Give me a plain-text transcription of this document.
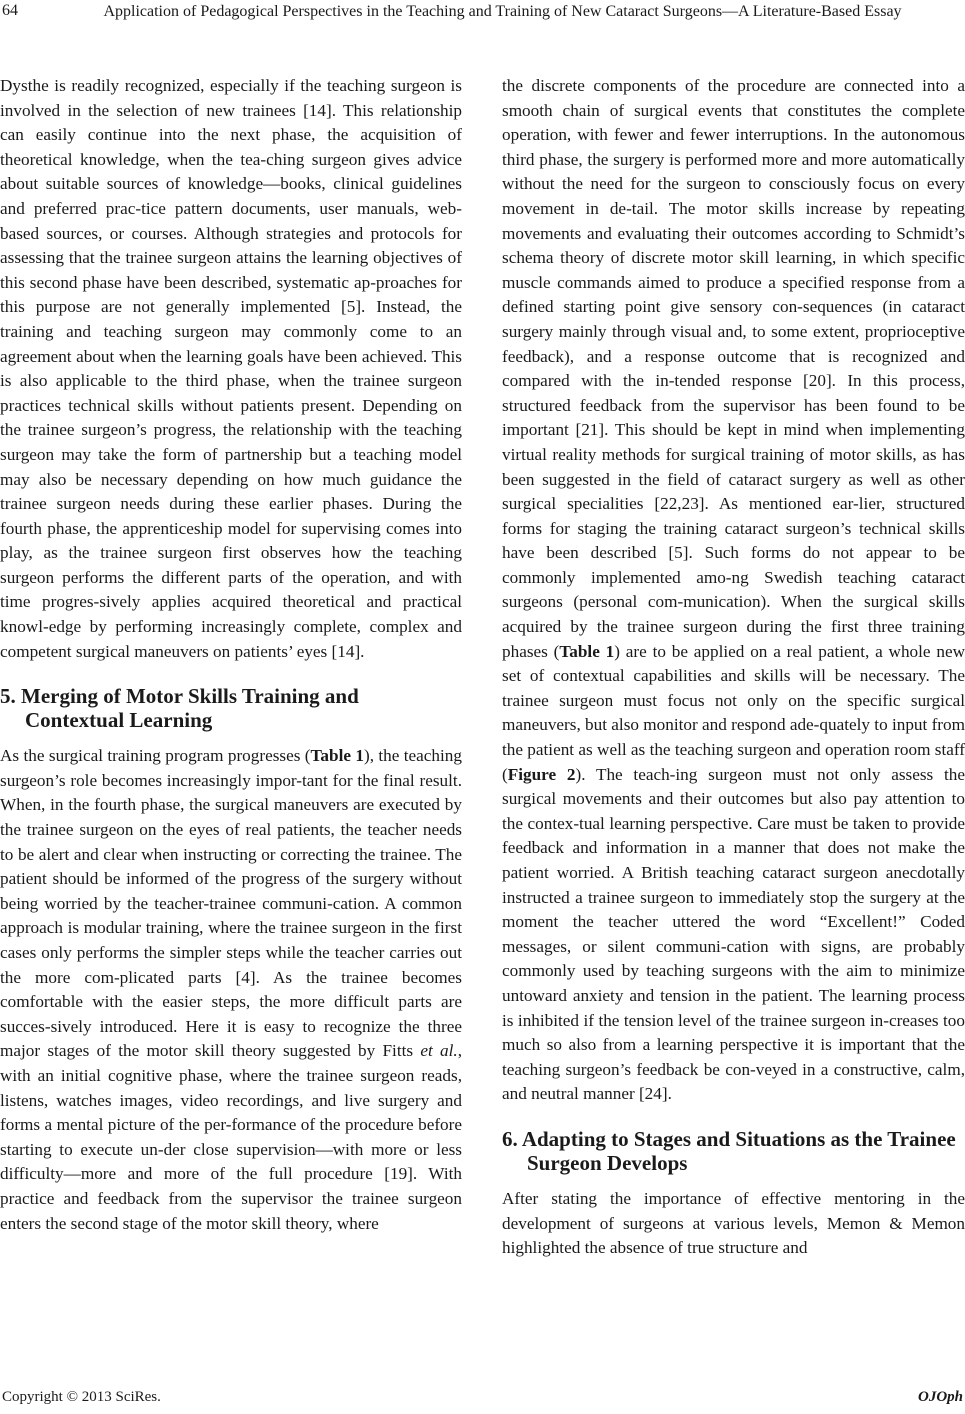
64	Application of Pedagogical Perspectives in the Teaching and Training of New Cataract Surgeons—A Literature-Based Essay

Dysthe is readily recognized, especially if the teaching surgeon is involved in the selection of new trainees [14]. This relationship can easily continue into the next phase, the acquisition of theoretical knowledge, when the tea-ching surgeon gives advice about suitable sources of knowledge—books, clinical guidelines and preferred prac-tice pattern documents, user manuals, web-based sources, or courses. Although strategies and protocols for assessing that the trainee surgeon attains the learning objectives of this second phase have been described, systematic ap-proaches for this purpose are not generally implemented [5]. Instead, the training and teaching surgeon may commonly come to an agreement about when the learning goals have been achieved. This is also applicable to the third phase, when the trainee surgeon practices technical skills without patients present. Depending on the trainee surgeon’s progress, the relationship with the teaching surgeon may take the form of partnership but a teaching model may also be necessary depending on how much guidance the trainee surgeon needs during these earlier phases. During the fourth phase, the apprenticeship model for supervising comes into play, as the trainee surgeon first observes how the teaching surgeon performs the different parts of the operation, and with time progres-sively applies acquired theoretical and practical knowl-edge by performing increasingly complete, complex and competent surgical maneuvers on patients’ eyes [14].

5. Merging of Motor Skills Training and Contextual Learning

As the surgical training program progresses (Table 1), the teaching surgeon’s role becomes increasingly impor-tant for the final result. When, in the fourth phase, the surgical maneuvers are executed by the trainee surgeon on the eyes of real patients, the teacher needs to be alert and clear when instructing or correcting the trainee. The patient should be informed of the progress of the surgery without being worried by the teacher-trainee communi-cation. A common approach is modular training, where the trainee surgeon in the first cases only performs the simpler steps while the teacher carries out the more com-plicated parts [4]. As the trainee becomes comfortable with the easier steps, the more difficult parts are succes-sively introduced. Here it is easy to recognize the three major stages of the motor skill theory suggested by Fitts et al., with an initial cognitive phase, where the trainee surgeon reads, listens, watches images, video recordings, and live surgery and forms a mental picture of the per-formance of the procedure before starting to execute un-der close supervision—with more or less difficulty—more and more of the full procedure [19]. With practice and feedback from the supervisor the trainee surgeon enters the second stage of the motor skill theory, where

the discrete components of the procedure are connected into a smooth chain of surgical events that constitutes the complete operation, with fewer and fewer interruptions. In the autonomous third phase, the surgery is performed more and more automatically without the need for the surgeon to consciously focus on every movement in de-tail. The motor skills increase by repeating movements and evaluating their outcomes according to Schmidt’s schema theory of discrete motor skill learning, in which specific muscle commands aimed to produce a specified response from a defined starting point give sensory con-sequences (in cataract surgery mainly through visual and, to some extent, proprioceptive feedback), and a response outcome that is recognized and compared with the in-tended response [20]. In this process, structured feedback from the supervisor has been found to be important [21]. This should be kept in mind when implementing virtual reality methods for surgical training of motor skills, as has been suggested in the field of cataract surgery as well as other surgical specialities [22,23]. As mentioned ear-lier, structured forms for staging the training cataract surgeon’s technical skills have been described [5]. Such forms do not appear to be commonly implemented amo-ng Swedish teaching cataract surgeons (personal com-munication). When the surgical skills acquired by the trainee surgeon during the first three training phases (Table 1) are to be applied on a real patient, a whole new set of contextual capabilities and skills will be necessary. The trainee surgeon must focus not only on the specific surgical maneuvers, but also monitor and respond ade-quately to input from the patient as well as the teaching surgeon and operation room staff (Figure 2). The teach-ing surgeon must not only assess the surgical movements and their outcomes but also pay attention to the contex-tual learning perspective. Care must be taken to provide feedback and information in a manner that does not make the patient worried. A British teaching cataract surgeon anecdotally instructed a trainee surgeon to immediately stop the surgery at the moment the teacher uttered the word “Excellent!” Coded messages, or silent communi-cation with signs, are probably commonly used by teaching surgeons with the aim to minimize untoward anxiety and tension in the patient. The learning process is inhibited if the tension level of the trainee surgeon in-creases too much so also from a learning perspective it is important that the teaching surgeon’s feedback be con-veyed in a constructive, calm, and neutral manner [24].

6. Adapting to Stages and Situations as the Trainee Surgeon Develops

After stating the importance of effective mentoring in the development of surgeons at various levels, Memon & Memon highlighted the absence of true structure and

Copyright © 2013 SciRes.	OJOph
